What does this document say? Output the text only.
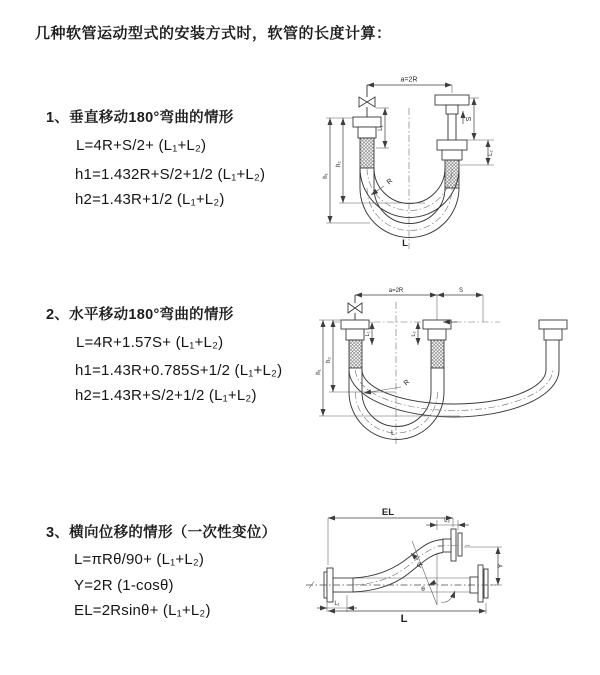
几种软管运动型式的安装方式时，软管的长度计算：
1、垂直移动180°弯曲的情形
L=4R+S/2+ (L₁+L₂)
h1=1.432R+S/2+1/2 (L₁+L₂)
h2=1.43R+1/2 (L₁+L₂)
2、水平移动180°弯曲的情形
L=4R+1.57S+ (L₁+L₂)
h1=1.43R+0.785S+1/2 (L₁+L₂)
h2=1.43R+S/2+1/2 (L₁+L₂)
3、横向位移的情形（一次性变位）
L=πRθ/90+ (L₁+L₂)
Y=2R (1-cosθ)
EL=2Rsinθ+ (L₁+L₂)
a=2R
h₁
h₂
L₁
S
L₂
R
L
a=2R	S
h₁
h₂
L₁	L₂
R
L
EL
L₂
θ
R	Y
L₁
L
